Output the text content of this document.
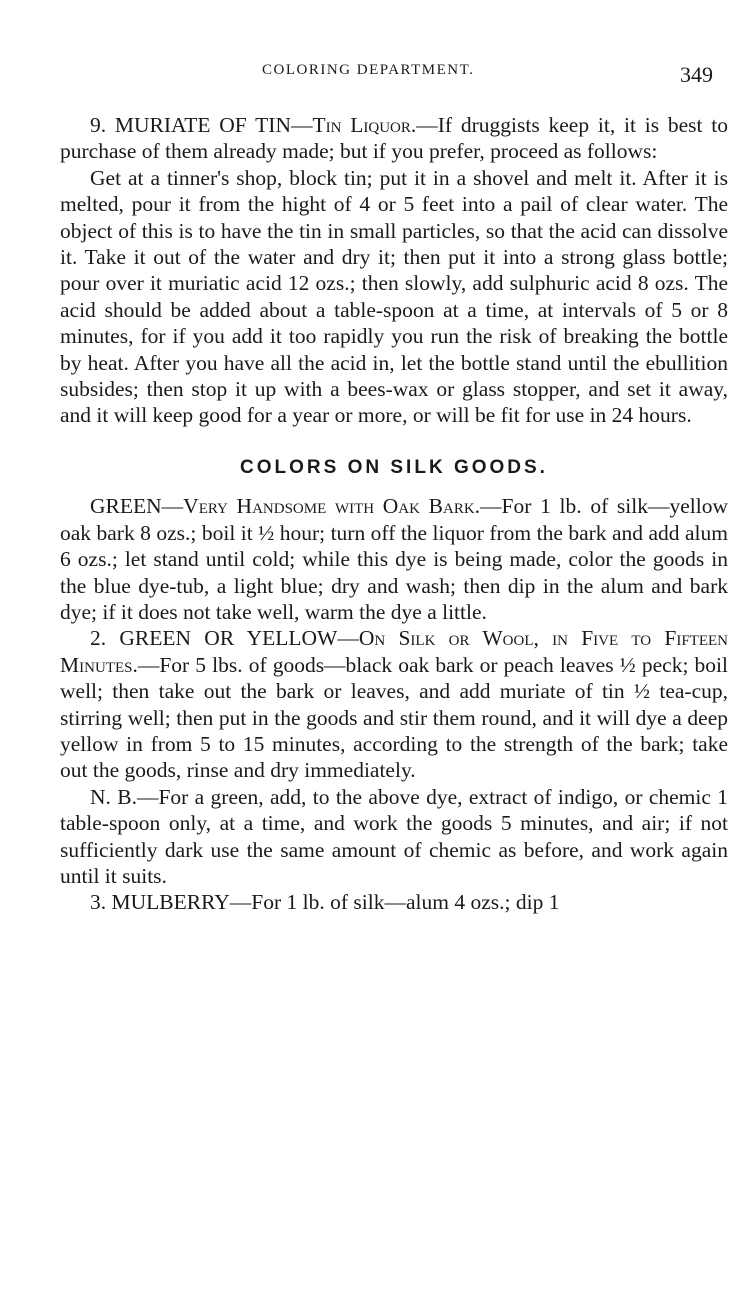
COLORING DEPARTMENT.	349

9. MURIATE OF TIN—Tin Liquor.—If druggists keep it, it is best to purchase of them already made; but if you prefer, proceed as follows:

Get at a tinner's shop, block tin; put it in a shovel and melt it. After it is melted, pour it from the hight of 4 or 5 feet into a pail of clear water. The object of this is to have the tin in small particles, so that the acid can dissolve it. Take it out of the water and dry it; then put it into a strong glass bottle; pour over it muriatic acid 12 ozs.; then slowly, add sulphuric acid 8 ozs. The acid should be added about a table-spoon at a time, at intervals of 5 or 8 minutes, for if you add it too rapidly you run the risk of breaking the bottle by heat. After you have all the acid in, let the bottle stand until the ebullition subsides; then stop it up with a bees-wax or glass stopper, and set it away, and it will keep good for a year or more, or will be fit for use in 24 hours.

COLORS ON SILK GOODS.

GREEN—Very Handsome with Oak Bark.—For 1 lb. of silk—yellow oak bark 8 ozs.; boil it ½ hour; turn off the liquor from the bark and add alum 6 ozs.; let stand until cold; while this dye is being made, color the goods in the blue dye-tub, a light blue; dry and wash; then dip in the alum and bark dye; if it does not take well, warm the dye a little.

2. GREEN OR YELLOW—On Silk or Wool, in Five to Fifteen Minutes.—For 5 lbs. of goods—black oak bark or peach leaves ½ peck; boil well; then take out the bark or leaves, and add muriate of tin ½ tea-cup, stirring well; then put in the goods and stir them round, and it will dye a deep yellow in from 5 to 15 minutes, according to the strength of the bark; take out the goods, rinse and dry immediately.

N. B.—For a green, add, to the above dye, extract of indigo, or chemic 1 table-spoon only, at a time, and work the goods 5 minutes, and air; if not sufficiently dark use the same amount of chemic as before, and work again until it suits.

3. MULBERRY—For 1 lb. of silk—alum 4 ozs.; dip 1
